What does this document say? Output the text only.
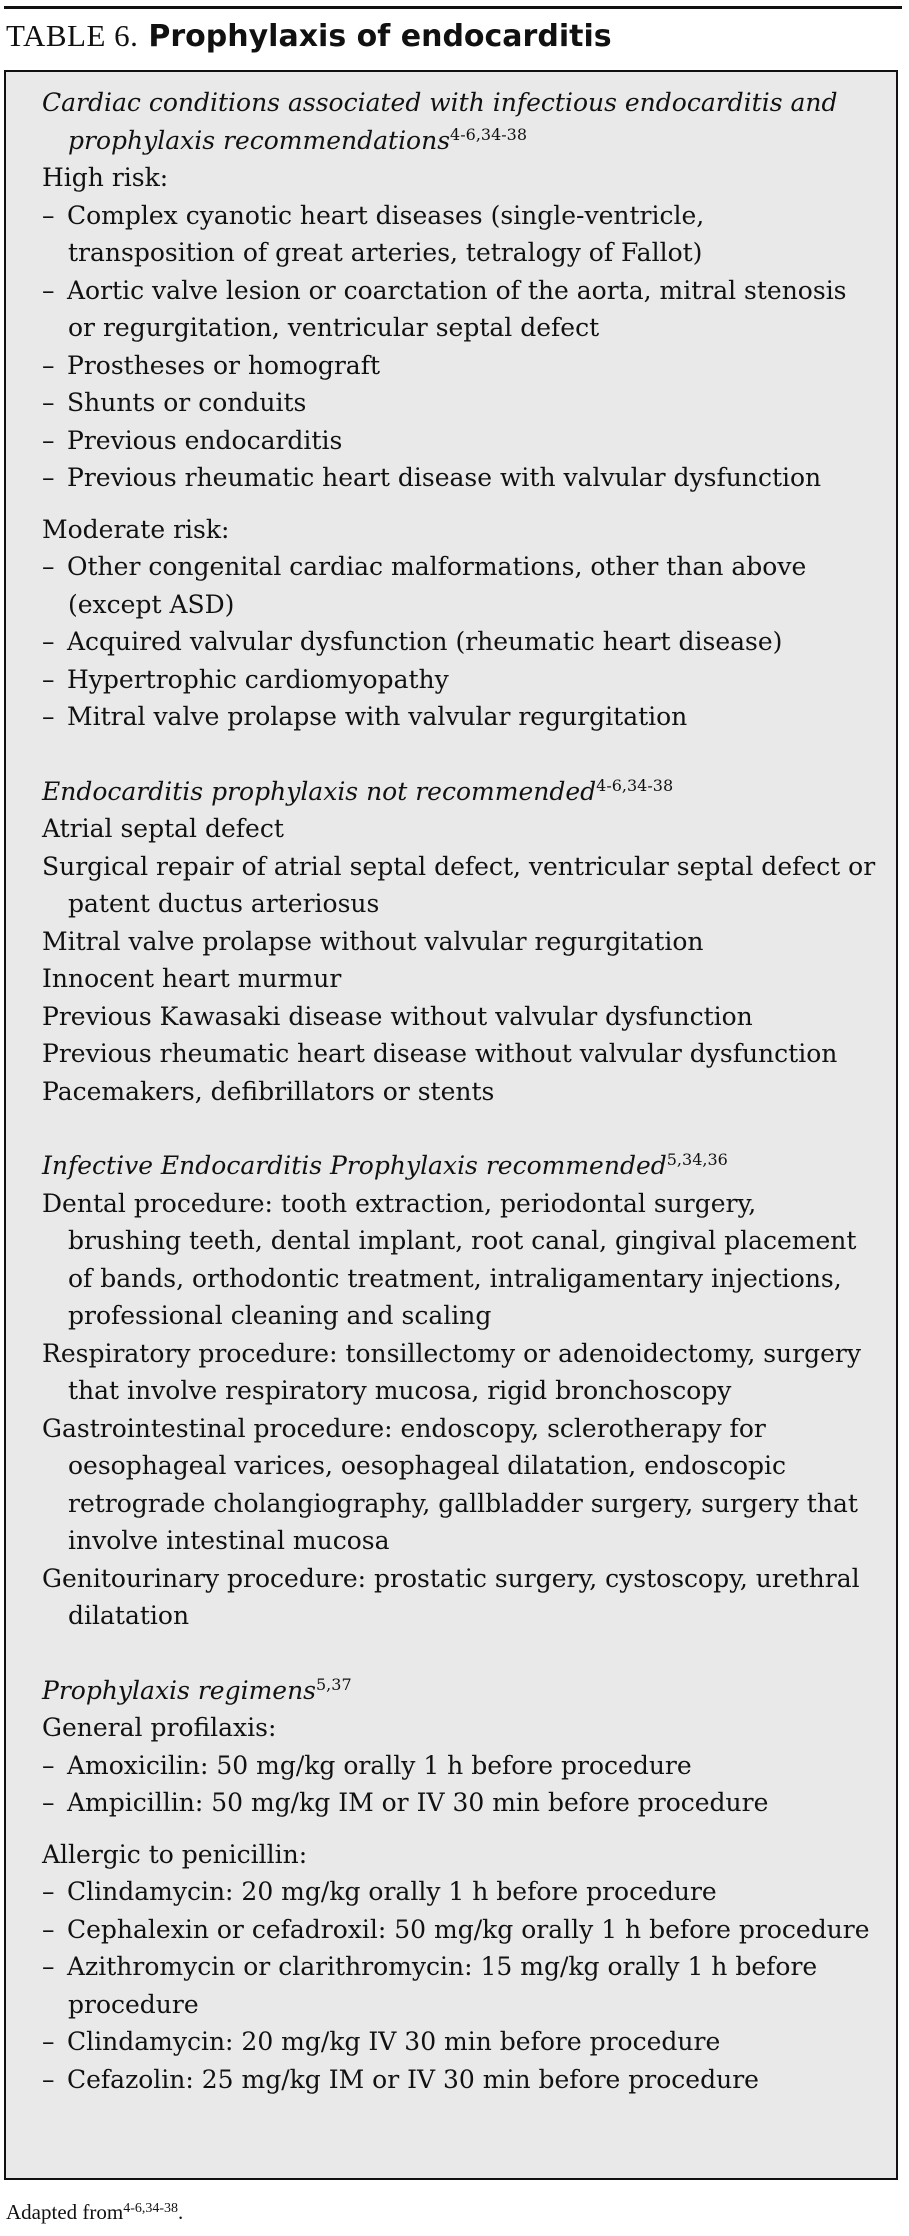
TABLE 6. Prophylaxis of endocarditis
Cardiac conditions associated with infectious endocarditis and prophylaxis recommendations$^{4-6,34-38}$
High risk:
– Complex cyanotic heart diseases (single-ventricle, transposition of great arteries, tetralogy of Fallot)
– Aortic valve lesion or coarctation of the aorta, mitral stenosis or regurgitation, ventricular septal defect
– Prostheses or homograft
– Shunts or conduits
– Previous endocarditis
– Previous rheumatic heart disease with valvular dysfunction
Moderate risk:
– Other congenital cardiac malformations, other than above (except ASD)
– Acquired valvular dysfunction (rheumatic heart disease)
– Hypertrophic cardiomyopathy
– Mitral valve prolapse with valvular regurgitation
Endocarditis prophylaxis not recommended$^{4-6,34-38}$
Atrial septal defect
Surgical repair of atrial septal defect, ventricular septal defect or patent ductus arteriosus
Mitral valve prolapse without valvular regurgitation
Innocent heart murmur
Previous Kawasaki disease without valvular dysfunction
Previous rheumatic heart disease without valvular dysfunction
Pacemakers, defibrillators or stents
Infective Endocarditis Prophylaxis recommended$^{5,34,36}$
Dental procedure: tooth extraction, periodontal surgery, brushing teeth, dental implant, root canal, gingival placement of bands, orthodontic treatment, intraligamentary injections, professional cleaning and scaling
Respiratory procedure: tonsillectomy or adenoidectomy, surgery that involve respiratory mucosa, rigid bronchoscopy
Gastrointestinal procedure: endoscopy, sclerotherapy for oesophageal varices, oesophageal dilatation, endoscopic retrograde cholangiography, gallbladder surgery, surgery that involve intestinal mucosa
Genitourinary procedure: prostatic surgery, cystoscopy, urethral dilatation
Prophylaxis regimens$^{5,37}$
General profilaxis:
– Amoxicilin: 50 mg/kg orally 1 h before procedure
– Ampicillin: 50 mg/kg IM or IV 30 min before procedure
Allergic to penicillin:
– Clindamycin: 20 mg/kg orally 1 h before procedure
– Cephalexin or cefadroxil: 50 mg/kg orally 1 h before procedure
– Azithromycin or clarithromycin: 15 mg/kg orally 1 h before procedure
– Clindamycin: 20 mg/kg IV 30 min before procedure
– Cefazolin: 25 mg/kg IM or IV 30 min before procedure
Adapted from$^{4-6,34-38}$.
